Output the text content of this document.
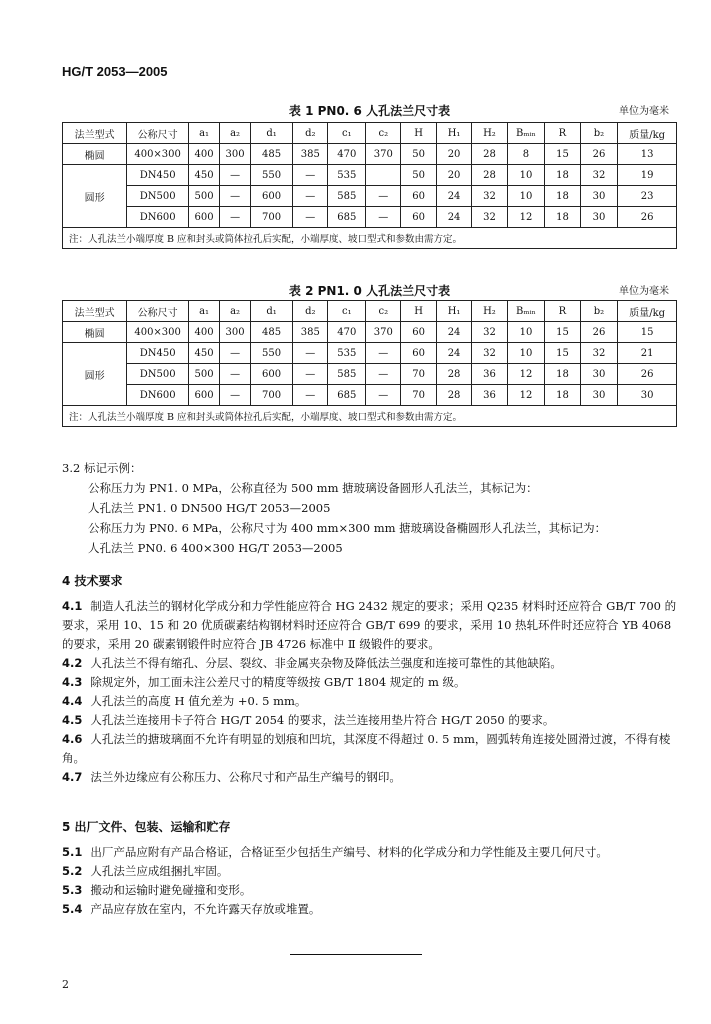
HG/T 2053—2005
表 1 PN0. 6 人孔法兰尺寸表	单位为毫米
法兰型式	公称尺寸	a₁	a₂	d₁	d₂	c₁	c₂	H	H₁	H₂	Bₘᵢₙ	R	b₂	质量/kg
椭圆	400×300	400	300	485	385	470	370	50	20	28	8	15	26	13
圆形	DN450	450	—	550	—	535		50	20	28	10	18	32	19
	DN500	500	—	600	—	585	—	60	24	32	10	18	30	23
	DN600	600	—	700	—	685	—	60	24	32	12	18	30	26
注：人孔法兰小端厚度 B 应和封头或筒体拉孔后实配，小端厚度、坡口型式和参数由需方定。														
表 2 PN1. 0 人孔法兰尺寸表	单位为毫米
法兰型式	公称尺寸	a₁	a₂	d₁	d₂	c₁	c₂	H	H₁	H₂	Bₘᵢₙ	R	b₂	质量/kg
椭圆	400×300	400	300	485	385	470	370	60	24	32	10	15	26	15
圆形	DN450	450	—	550	—	535	—	60	24	32	10	15	32	21
	DN500	500	—	600	—	585	—	70	28	36	12	18	30	26
	DN600	600	—	700	—	685	—	70	28	36	12	18	30	30
注：人孔法兰小端厚度 B 应和封头或筒体拉孔后实配，小端厚度、坡口型式和参数由需方定。														
3.2 标记示例：
公称压力为 PN1. 0 MPa，公称直径为 500 mm 搪玻璃设备圆形人孔法兰，其标记为：
人孔法兰 PN1. 0 DN500 HG/T 2053—2005
公称压力为 PN0. 6 MPa，公称尺寸为 400 mm×300 mm 搪玻璃设备椭圆形人孔法兰，其标记为：
人孔法兰 PN0. 6 400×300 HG/T 2053—2005
4 技术要求
4.1 制造人孔法兰的钢材化学成分和力学性能应符合 HG 2432 规定的要求；采用 Q235 材料时还应符合 GB/T 700 的要求，采用 10、15 和 20 优质碳素结构钢材料时还应符合 GB/T 699 的要求，采用 10 热轧环件时还应符合 YB 4068 的要求，采用 20 碳素钢锻件时应符合 JB 4726 标准中 Ⅱ 级锻件的要求。
4.2 人孔法兰不得有缩孔、分层、裂纹、非金属夹杂物及降低法兰强度和连接可靠性的其他缺陷。
4.3 除规定外，加工面未注公差尺寸的精度等级按 GB/T 1804 规定的 m 级。
4.4 人孔法兰的高度 H 值允差为 +0. 5 mm。
4.5 人孔法兰连接用卡子符合 HG/T 2054 的要求，法兰连接用垫片符合 HG/T 2050 的要求。
4.6 人孔法兰的搪玻璃面不允许有明显的划痕和凹坑，其深度不得超过 0. 5 mm，圆弧转角连接处圆滑过渡，不得有棱角。
4.7 法兰外边缘应有公称压力、公称尺寸和产品生产编号的钢印。
5 出厂文件、包装、运输和贮存
5.1 出厂产品应附有产品合格证，合格证至少包括生产编号、材料的化学成分和力学性能及主要几何尺寸。
5.2 人孔法兰应成组捆扎牢固。
5.3 搬动和运输时避免碰撞和变形。
5.4 产品应存放在室内，不允许露天存放或堆置。
2
